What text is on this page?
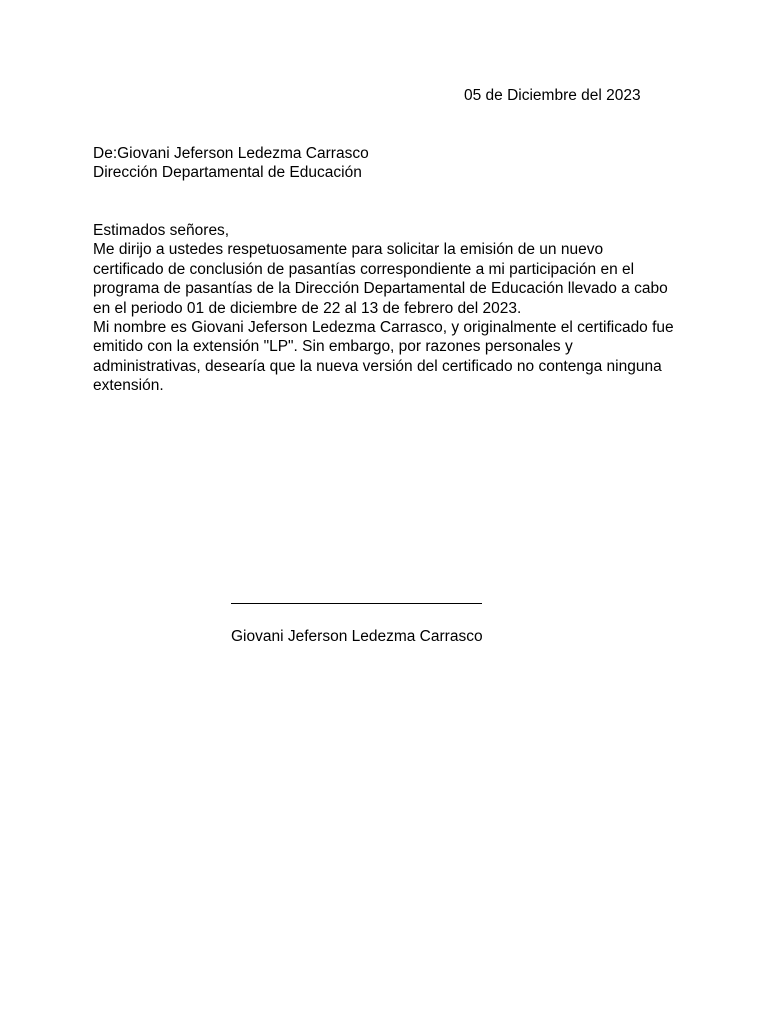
05 de Diciembre del 2023
De:Giovani Jeferson Ledezma Carrasco
Dirección Departamental de Educación
Estimados señores,
Me dirijo a ustedes respetuosamente para solicitar la emisión de un nuevo
certificado de conclusión de pasantías correspondiente a mi participación en el
programa de pasantías de la Dirección Departamental de Educación llevado a cabo
en el periodo 01 de diciembre de 22 al 13 de febrero del 2023.
Mi nombre es Giovani Jeferson Ledezma Carrasco, y originalmente el certificado fue
emitido con la extensión "LP". Sin embargo, por razones personales y
administrativas, desearía que la nueva versión del certificado no contenga ninguna
extensión.
Giovani Jeferson Ledezma Carrasco
